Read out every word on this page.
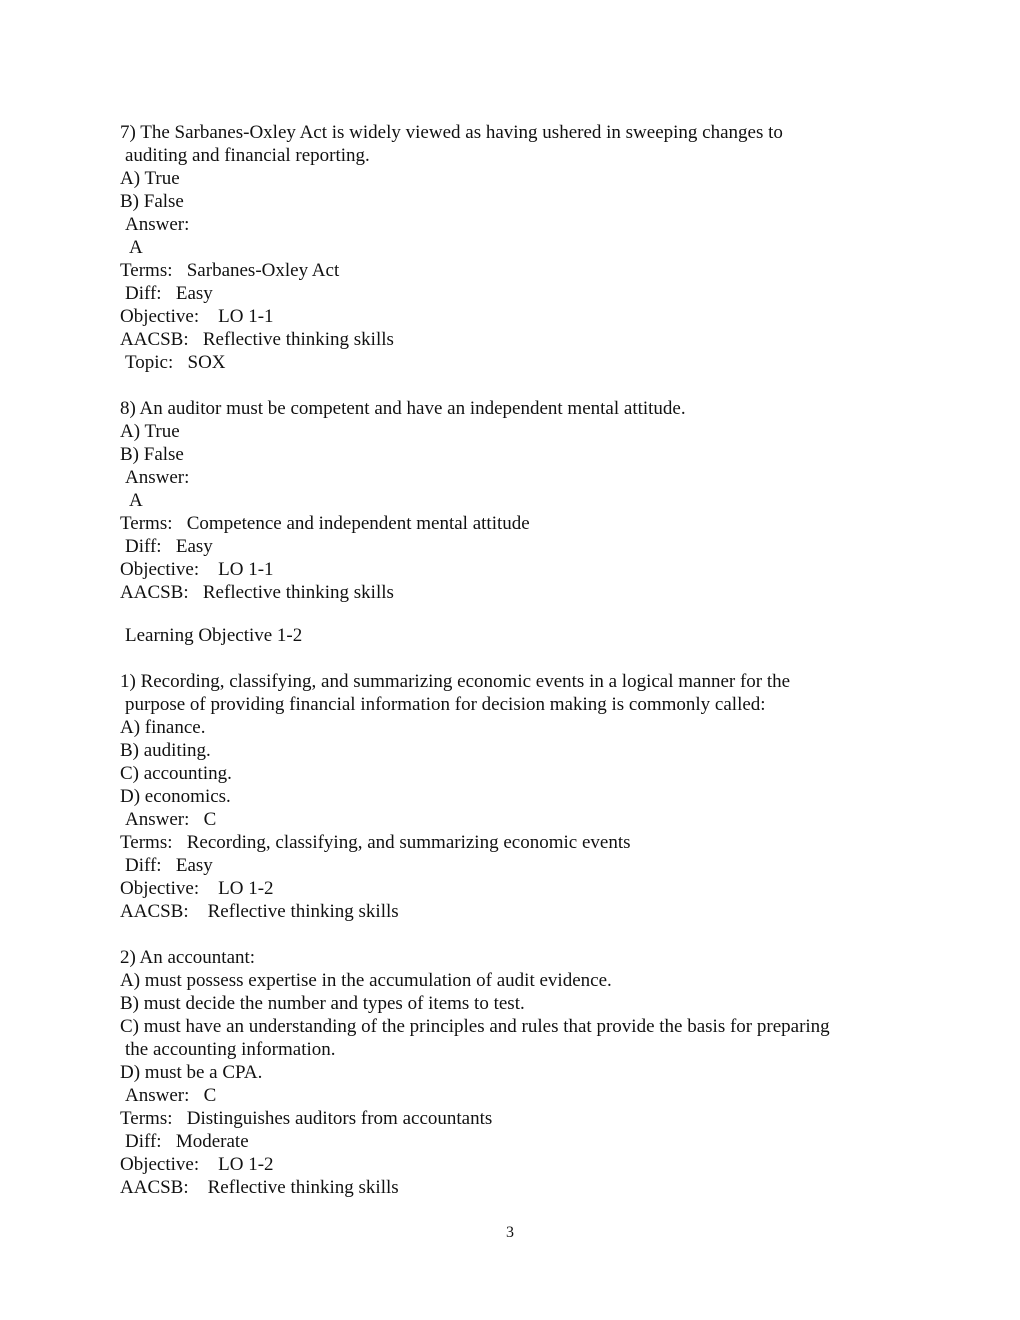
7) The Sarbanes-Oxley Act is widely viewed as having ushered in sweeping changes to
auditing and financial reporting.
A) True
B) False
Answer:
A
Terms:   Sarbanes-Oxley Act
Diff:   Easy
Objective:    LO 1-1
AACSB:   Reflective thinking skills
Topic:   SOX
8) An auditor must be competent and have an independent mental attitude.
A) True
B) False
Answer:
A
Terms:   Competence and independent mental attitude
Diff:   Easy
Objective:    LO 1-1
AACSB:   Reflective thinking skills
Learning Objective 1-2
1) Recording, classifying, and summarizing economic events in a logical manner for the
purpose of providing financial information for decision making is commonly called:
A) finance.
B) auditing.
C) accounting.
D) economics.
Answer:   C
Terms:   Recording, classifying, and summarizing economic events
Diff:   Easy
Objective:    LO 1-2
AACSB:    Reflective thinking skills
2) An accountant:
A) must possess expertise in the accumulation of audit evidence.
B) must decide the number and types of items to test.
C) must have an understanding of the principles and rules that provide the basis for preparing
the accounting information.
D) must be a CPA.
Answer:   C
Terms:   Distinguishes auditors from accountants
Diff:   Moderate
Objective:    LO 1-2
AACSB:    Reflective thinking skills
3
